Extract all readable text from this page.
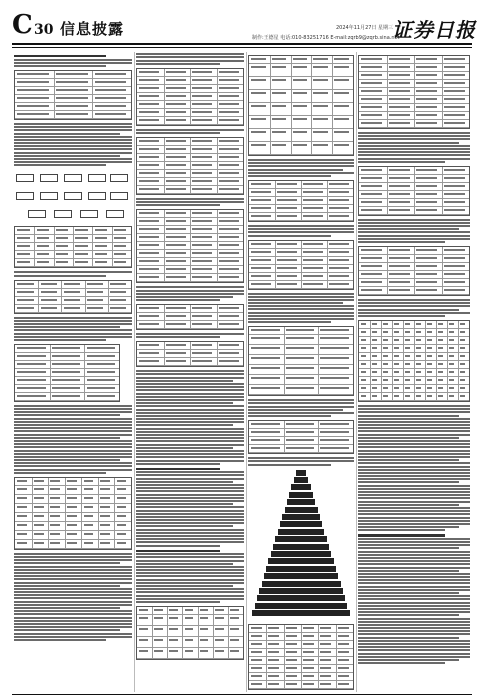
C 30 信息披露	2024年11月27日 星期三
制作:王德星 电话:010-83251716 E-mail:zqrb9@zqrb.sina.net
证券日报
